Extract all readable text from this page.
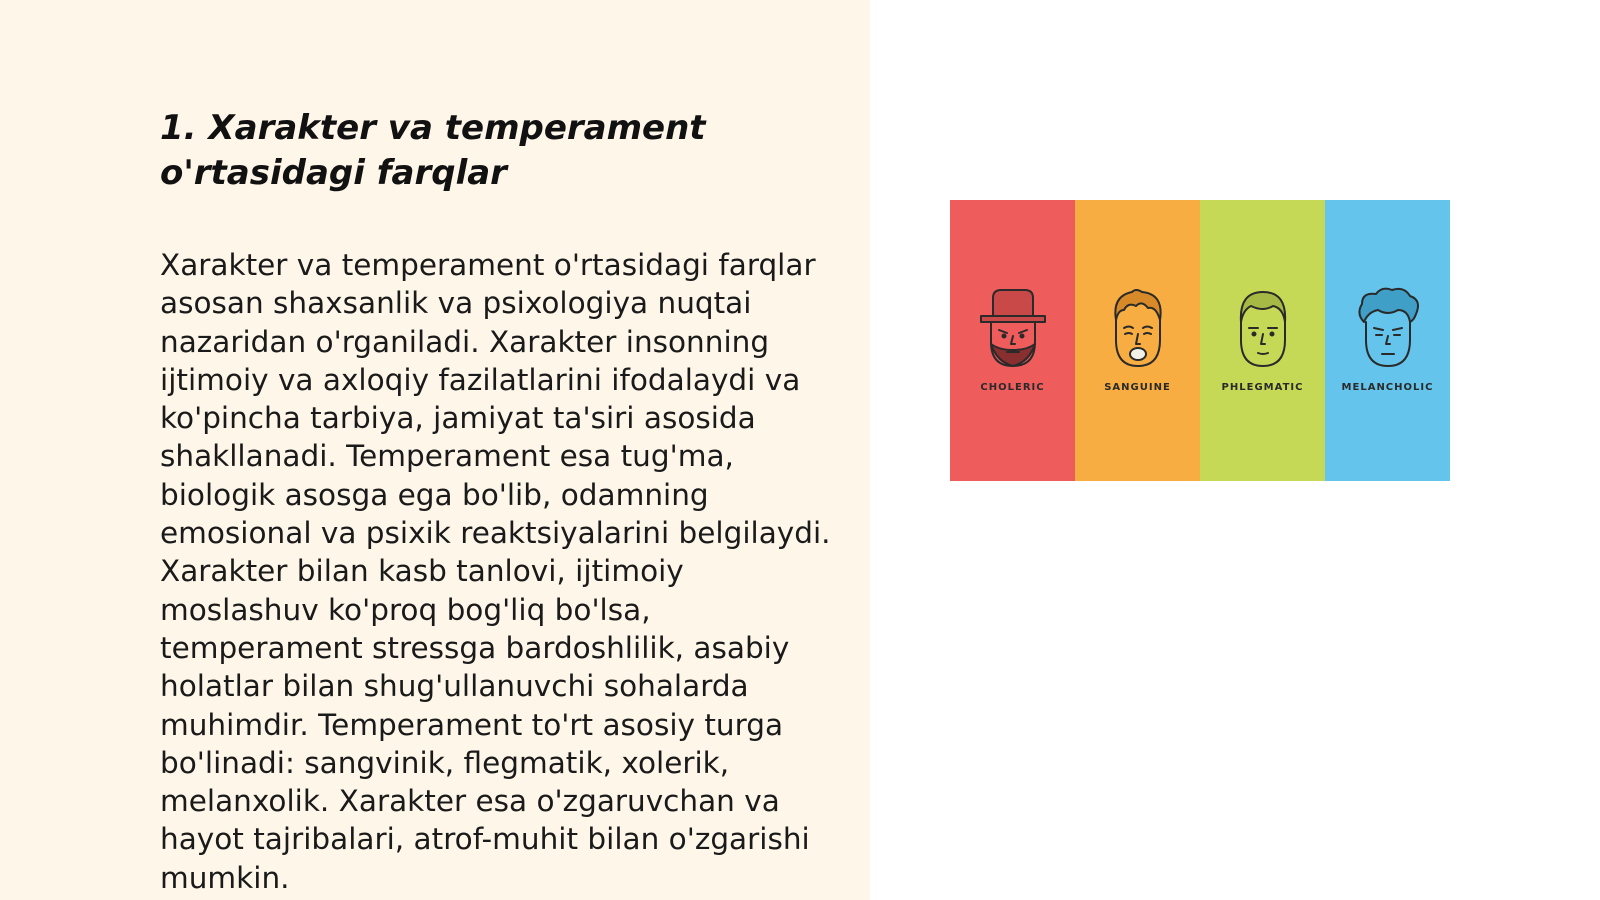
1. Xarakter va temperament o'rtasidagi farqlar

Xarakter va temperament o'rtasidagi farqlar asosan shaxsanlik va psixologiya nuqtai nazaridan o'rganiladi. Xarakter insonning ijtimoiy va axloqiy fazilatlarini ifodalaydi va ko'pincha tarbiya, jamiyat ta'siri asosida shakllanadi. Temperament esa tug'ma, biologik asosga ega bo'lib, odamning emosional va psixik reaktsiyalarini belgilaydi. Xarakter bilan kasb tanlovi, ijtimoiy moslashuv ko'proq bog'liq bo'lsa, temperament stressga bardoshlilik, asabiy holatlar bilan shug'ullanuvchi sohalarda muhimdir. Temperament to'rt asosiy turga bo'linadi: sangvinik, flegmatik, xolerik, melanxolik. Xarakter esa o'zgaruvchan va hayot tajribalari, atrof-muhit bilan o'zgarishi mumkin.

CHOLERIC	SANGUINE	PHLEGMATIC	MELANCHOLIC
